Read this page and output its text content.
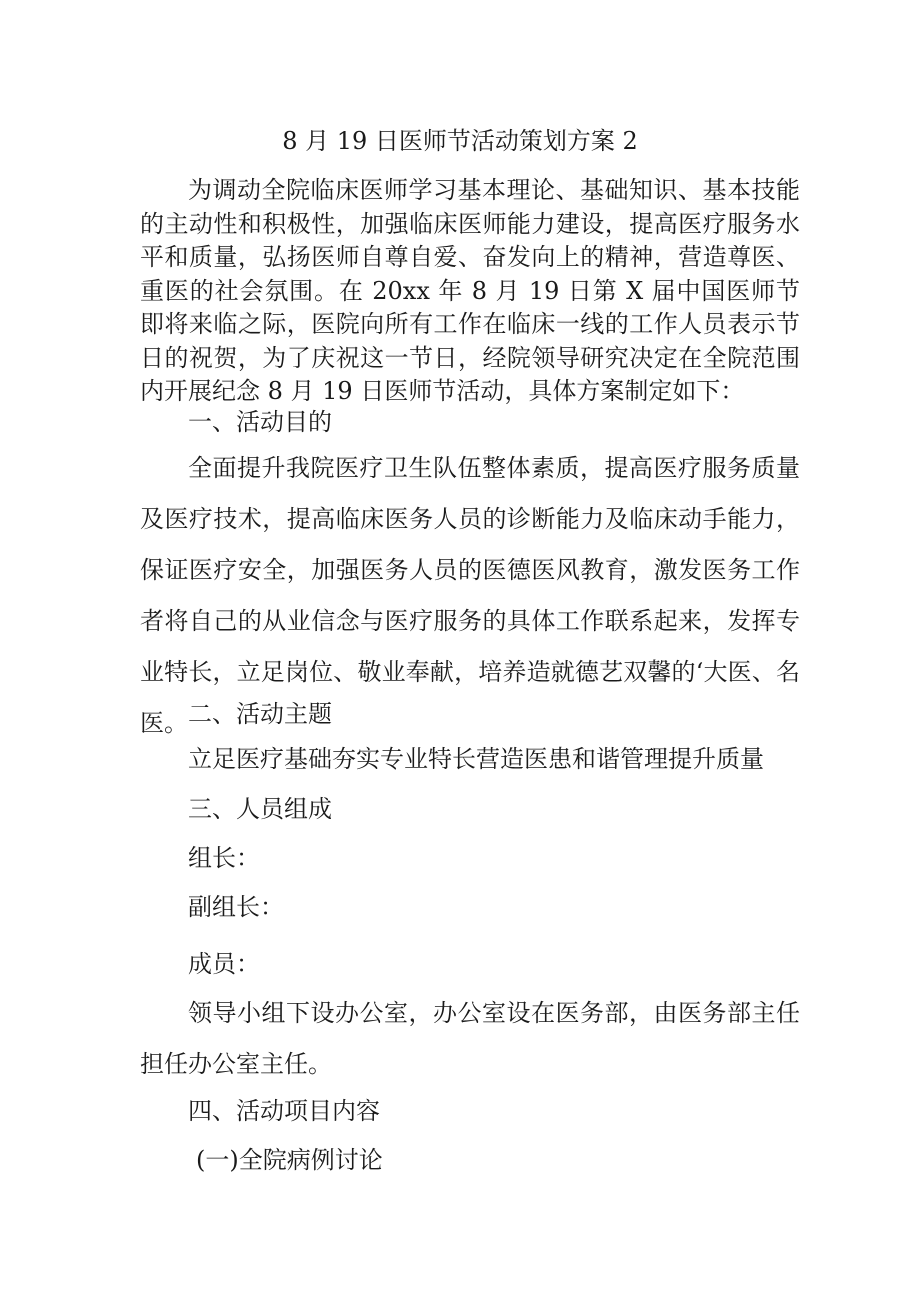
8 月 19 日医师节活动策划方案 2

为调动全院临床医师学习基本理论、基础知识、基本技能的主动性和积极性，加强临床医师能力建设，提高医疗服务水平和质量，弘扬医师自尊自爱、奋发向上的精神，营造尊医、重医的社会氛围。在 20xx 年 8 月 19 日第 X 届中国医师节即将来临之际，医院向所有工作在临床一线的工作人员表示节日的祝贺，为了庆祝这一节日，经院领导研究决定在全院范围内开展纪念 8 月 19 日医师节活动，具体方案制定如下：

一、活动目的

全面提升我院医疗卫生队伍整体素质，提高医疗服务质量及医疗技术，提高临床医务人员的诊断能力及临床动手能力，保证医疗安全，加强医务人员的医德医风教育，激发医务工作者将自己的从业信念与医疗服务的具体工作联系起来，发挥专业特长，立足岗位、敬业奉献，培养造就德艺双馨的‘大医、名医。 二、活动主题

立足医疗基础夯实专业特长营造医患和谐管理提升质量

三、人员组成

组长：

副组长：

成员：

领导小组下设办公室，办公室设在医务部，由医务部主任担任办公室主任。

四、活动项目内容

(一)全院病例讨论
